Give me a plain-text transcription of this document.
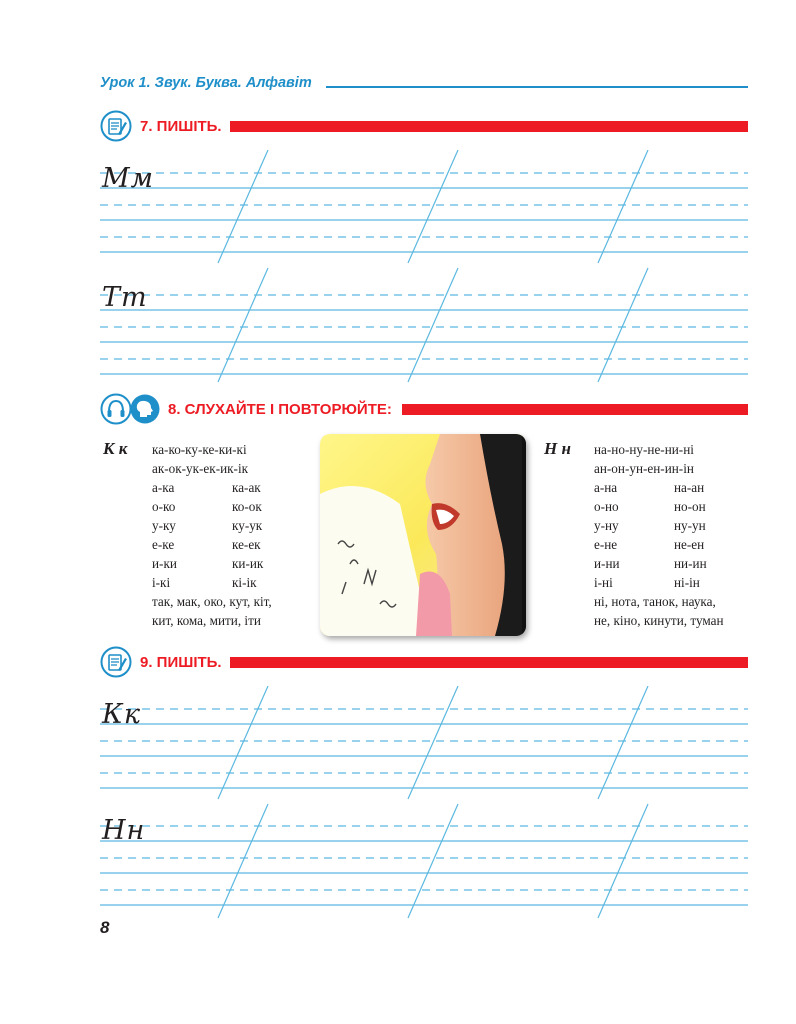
Урок 1. Звук. Буква. Алфавіт
7. ПИШІТЬ.
Мм
Тт
8. СЛУХАЙТЕ І ПОВТОРЮЙТЕ:
К к ка-ко-ку-ке-ки-кі
ак-ок-ук-ек-ик-ік
а-ка	ка-ак
о-ко	ко-ок
у-ку	ку-ук
е-ке	ке-ек
и-ки	ки-ик
і-кі	кі-ік
так, мак, око, кут, кіт,
кит, кома, мити, іти
Н н на-но-ну-не-ни-ні
ан-он-ун-ен-ин-ін
а-на	на-ан
о-но	но-он
у-ну	ну-ун
е-не	не-ен
и-ни	ни-ин
і-ні	ні-ін
ні, нота, танок, наука,
не, кіно, кинути, туман
9. ПИШІТЬ.
Кк
Нн
8
